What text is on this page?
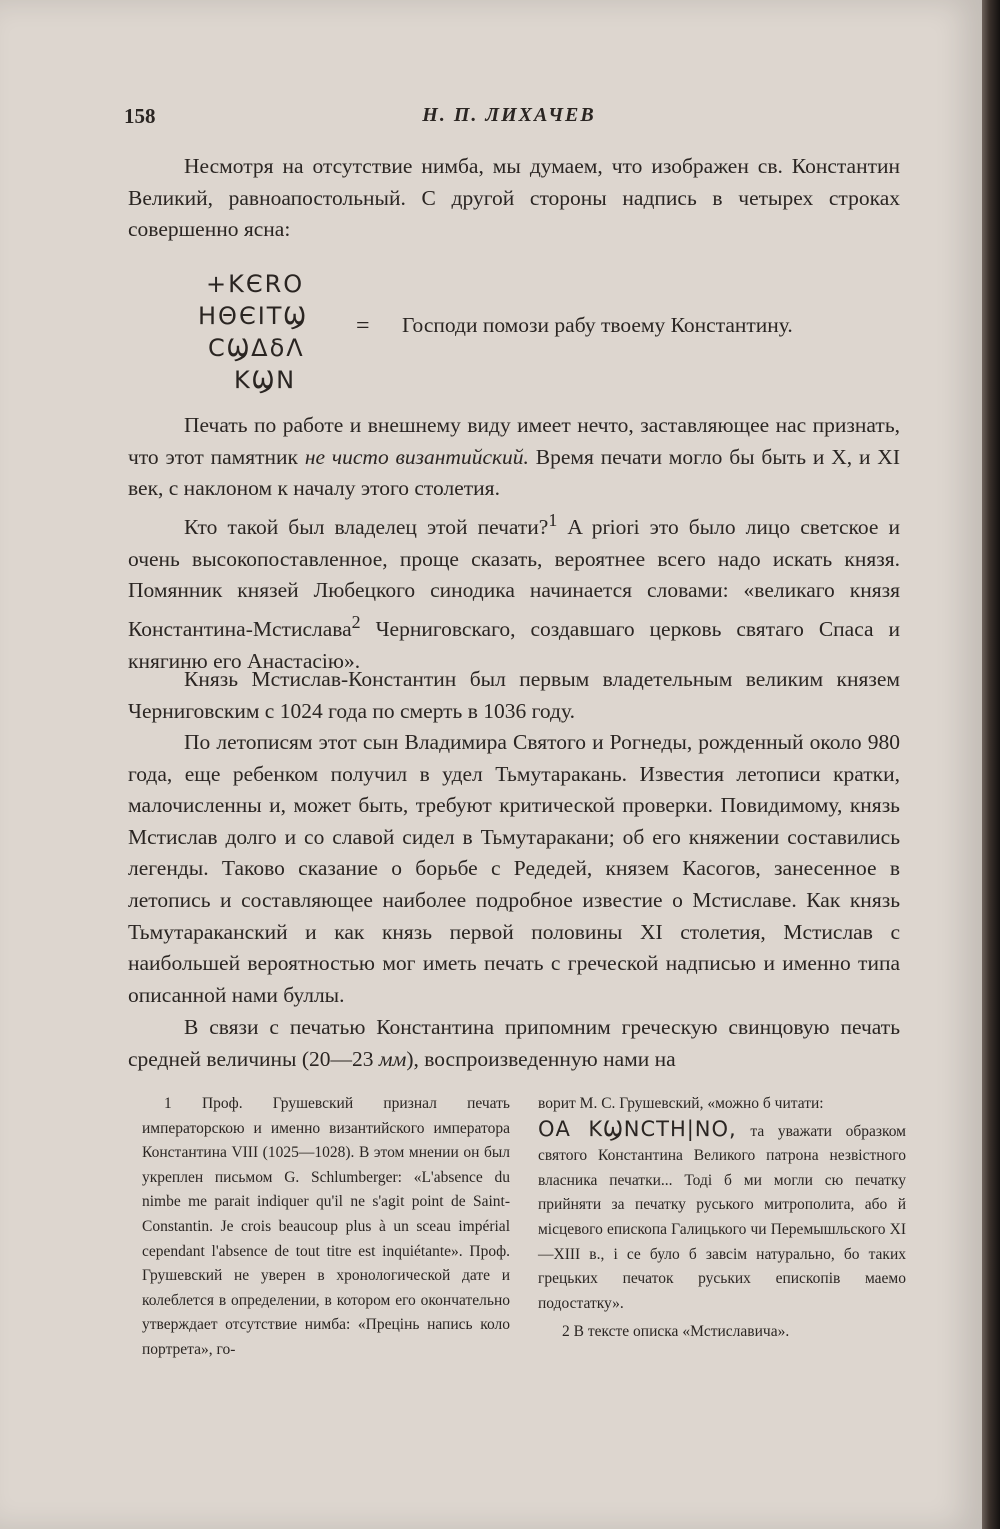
158	Н. П. ЛИХАЧЕВ

Несмотря на отсутствие нимба, мы думаем, что изображен св. Константин Великий, равноапостольный. С другой стороны надпись в четырех строках совершенно ясна:

+ΚЄRΟ
ΗΘЄΙΤϢ
CϢΔδΛ
ΚϢΝ
= Господи помози рабу твоему Константину.

Печать по работе и внешнему виду имеет нечто, заставляющее нас признать, что этот памятник не чисто византийский. Время печати могло бы быть и X, и XI век, с наклоном к началу этого столетия.

Кто такой был владелец этой печати?$^1$ A priori это было лицо светское и очень высокопоставленное, проще сказать, вероятнее всего надо искать князя. Помянник князей Любецкого синодика начинается словами: «великаго князя Константина-Мстислава$^2$ Черниговскаго, создавшаго церковь святаго Спаса и княгиню его Анастасію».

Князь Мстислав-Константин был первым владетельным великим князем Черниговским с 1024 года по смерть в 1036 году.

По летописям этот сын Владимира Святого и Рогнеды, рожденный около 980 года, еще ребенком получил в удел Тьмутаракань. Известия летописи кратки, малочисленны и, может быть, требуют критической проверки. Повидимому, князь Мстислав долго и со славой сидел в Тьмутаракани; об его княжении составились легенды. Таково сказание о борьбе с Редедей, князем Касогов, занесенное в летопись и составляющее наиболее подробное известие о Мстиславе. Как князь Тьмутараканский и как князь первой половины XI столетия, Мстислав с наибольшей вероятностью мог иметь печать с греческой надписью и именно типа описанной нами буллы.

В связи с печатью Константина припомним греческую свинцовую печать средней величины (20—23 мм), воспроизведенную нами на

1 Проф. Грушевский признал печать императорскою и именно византийского императора Константина VIII (1025—1028). В этом мнении он был укреплен письмом G. Schlumberger: «L'absence du nimbe me parait indiquer qu'il ne s'agit point de Saint-Constantin. Je crois beaucoup plus à un sceau impérial cependant l'absence de tout titre est inquiétante». Проф. Грушевский не уверен в хронологической дате и колеблется в определении, в котором его окончательно утверждает отсутствие нимба: «Прецінь напись коло портрета», го-

ворит М. С. Грушевский, «можно б читати:
ΟΑ ΚϢΝCΤΗ|ΝΟ, та уважати образком святого Константина Великого патрона незвістного власника печатки... Тоді б ми могли сю печатку прийняти за печатку руського митрополита, або й місцевого епископа Галицького чи Перемышльского XI—XIII в., і се було б завсім натурально, бо таких грецьких печаток руських епископів маемо подостатку».

2 В тексте описка «Мстиславича».
